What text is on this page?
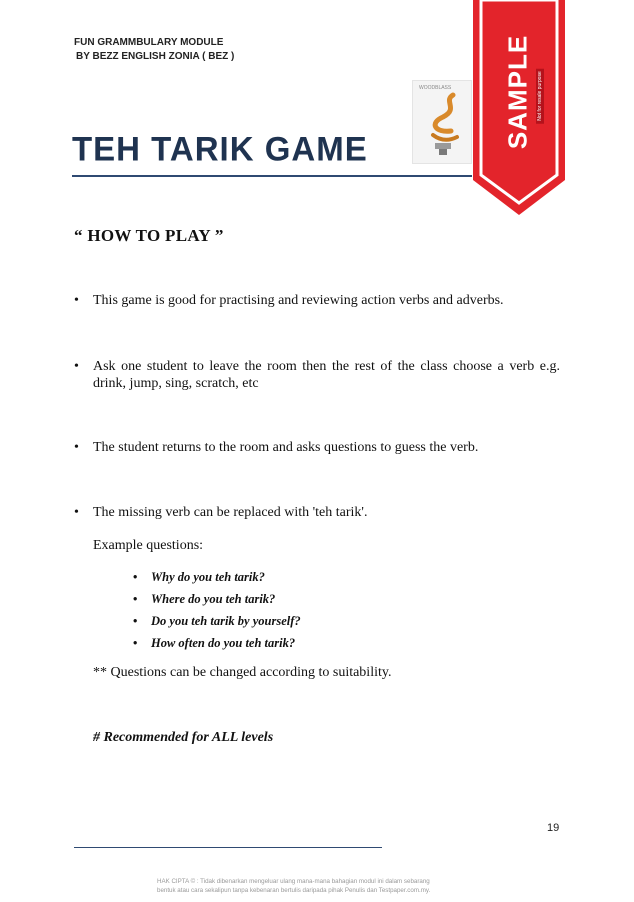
FUN GRAMMBULARY MODULE
BY BEZZ ENGLISH ZONIA ( BEZ )
WOODBLASS SAMPLE Not for resale purpose
TEH TARIK GAME
“ HOW TO PLAY ”
• This game is good for practising and reviewing action verbs and adverbs.
• Ask one student to leave the room then the rest of the class choose a verb e.g. drink, jump, sing, scratch, etc
• The student returns to the room and asks questions to guess the verb.
• The missing verb can be replaced with 'teh tarik'.
Example questions:
• Why do you teh tarik?
• Where do you teh tarik?
• Do you teh tarik by yourself?
• How often do you teh tarik?
** Questions can be changed according to suitability.
# Recommended for ALL levels
19
HAK CIPTA © : Tidak dibenarkan mengeluar ulang mana-mana bahagian modul ini dalam sebarang
bentuk atau cara sekalipun tanpa kebenaran bertulis daripada pihak Penulis dan Testpaper.com.my.
